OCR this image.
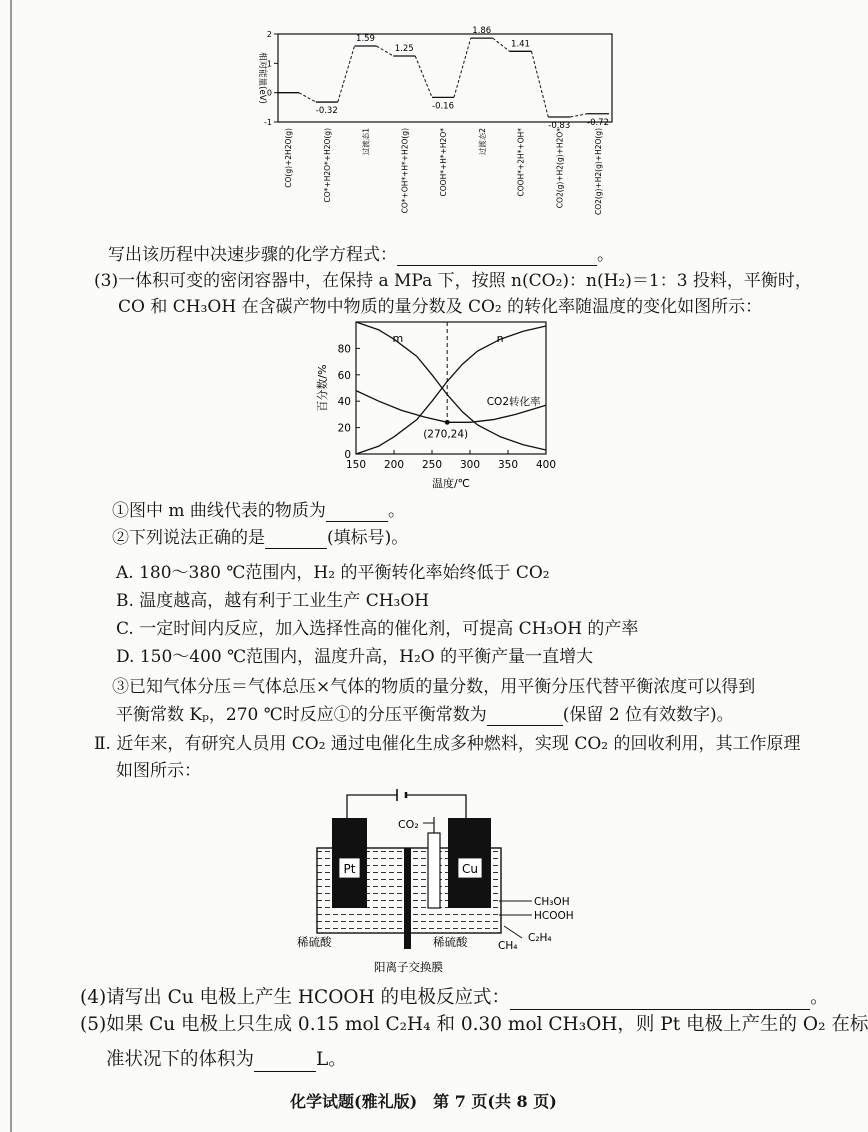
2
1
0
-1
相对能量(eV)
-0.32
1.59
1.25
-0.16
1.86
1.41
-0.83 -0.72
CO(g)+2H2O(g)	CO*+H2O*+H2O(g)	过渡态1	CO*+OH*+H*+H2O(g)	COOH*+H*+H2O*	过渡态2	COOH*+2H*+OH*	CO2(g)+H2(g)+H2O*	CO2(g)+H2(g)+H2O(g)
写出该历程中决速步骤的化学方程式：	。
(3)一体积可变的密闭容器中，在保持 a MPa 下，按照 n(CO₂)：n(H₂)＝1：3 投料，平衡时，
CO 和 CH₃OH 在含碳产物中物质的量分数及 CO₂ 的转化率随温度的变化如图所示：
m	n
CO2转化率
(270,24)
150 200 250 300 350 400
0
20
40
60
80
温度/℃
百分数/%
①图中 m 曲线代表的物质为	。
②下列说法正确的是	(填标号)。
A. 180～380 ℃范围内，H₂ 的平衡转化率始终低于 CO₂
B. 温度越高，越有利于工业生产 CH₃OH
C. 一定时间内反应，加入选择性高的催化剂，可提高 CH₃OH 的产率
D. 150～400 ℃范围内，温度升高，H₂O 的平衡产量一直增大
③已知气体分压＝气体总压×气体的物质的量分数，用平衡分压代替平衡浓度可以得到
平衡常数 Kₚ，270 ℃时反应①的分压平衡常数为	(保留 2 位有效数字)。
Ⅱ. 近年来，有研究人员用 CO₂ 通过电催化生成多种燃料，实现 CO₂ 的回收利用，其工作原理
如图所示：
Pt	Cu
CO₂
CH₃OH
HCOOH
CH₄
C₂H₄
稀硫酸	稀硫酸
阳离子交换膜
(4)请写出 Cu 电极上产生 HCOOH 的电极反应式：	。
(5)如果 Cu 电极上只生成 0.15 mol C₂H₄ 和 0.30 mol CH₃OH，则 Pt 电极上产生的 O₂ 在标
准状况下的体积为	L。
化学试题(雅礼版)　第 7 页(共 8 页)
